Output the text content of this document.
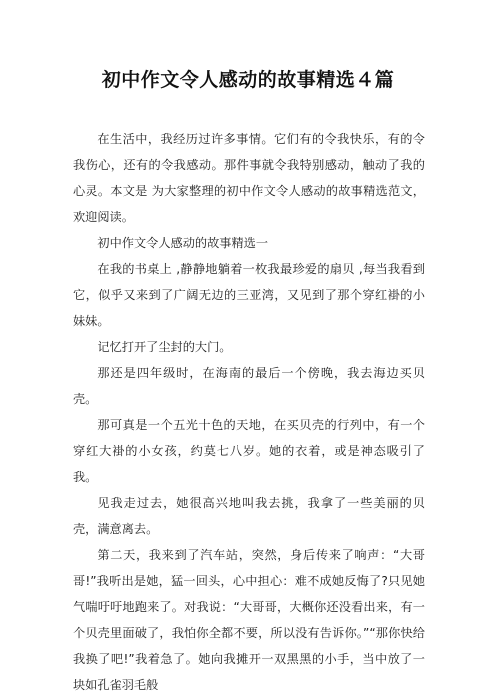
初中作文令人感动的故事精选４篇

在生活中，我经历过许多事情。它们有的令我快乐，有的令我伤心，还有的令我感动。那件事就令我特别感动，触动了我的心灵。本文是 为大家整理的初中作文令人感动的故事精选范文，欢迎阅读。

初中作文令人感动的故事精选一

在我的书桌上 ,静静地躺着一枚我最珍爱的扇贝 ,每当我看到它，似乎又来到了广阔无边的三亚湾，又见到了那个穿红褂的小妹妹。

记忆打开了尘封的大门。

那还是四年级时，在海南的最后一个傍晚，我去海边买贝壳。

那可真是一个五光十色的天地，在买贝壳的行列中，有一个穿红大褂的小女孩，约莫七八岁。她的衣着，或是神态吸引了我。

见我走过去，她很高兴地叫我去挑，我拿了一些美丽的贝壳，满意离去。

第二天，我来到了汽车站，突然，身后传来了响声：“大哥哥!”我听出是她，猛一回头，心中担心：难不成她反悔了?只见她气喘吁吁地跑来了。对我说：“大哥哥，大概你还没看出来，有一个贝壳里面破了，我怕你全都不要，所以没有告诉你。”“那你快给我换了吧!”我着急了。她向我摊开一双黑黑的小手，当中放了一块如孔雀羽毛般
